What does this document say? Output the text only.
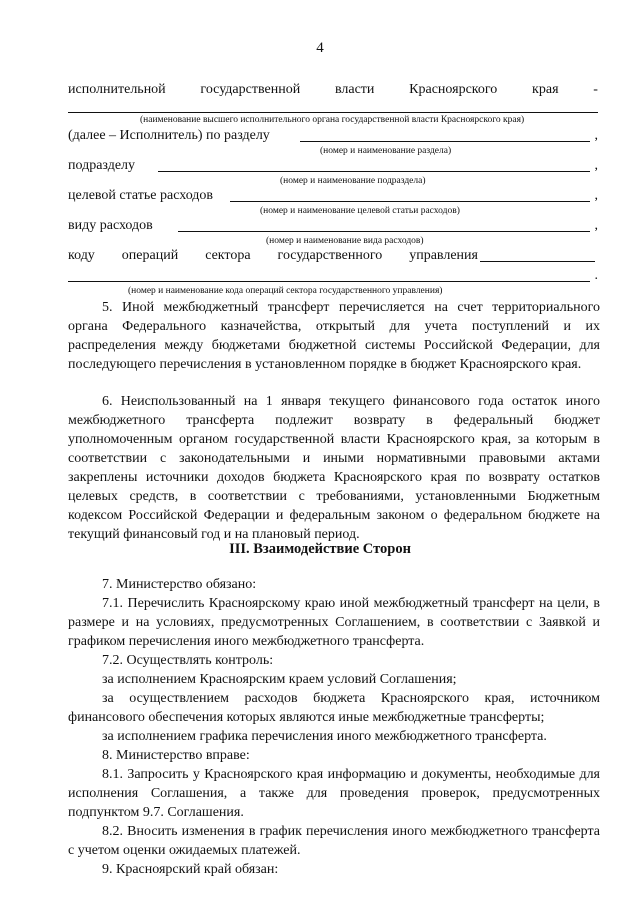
4
исполнительной государственной власти Красноярского края -
(наименование высшего исполнительного органа государственной власти Красноярского края)
(далее – Исполнитель) по разделу	,
(номер и наименование раздела)
подразделу	,
(номер и наименование подраздела)
целевой статье расходов	,
(номер и наименование целевой статьи расходов)
виду расходов	,
(номер и наименование вида расходов)
коду операций сектора государственного управления
.
(номер и наименование кода операций сектора государственного управления)

5. Иной межбюджетный трансферт перечисляется на счет территориального органа Федерального казначейства, открытый для учета поступлений и их распределения между бюджетами бюджетной системы Российской Федерации, для последующего перечисления в установленном порядке в бюджет Красноярского края.

6. Неиспользованный на 1 января текущего финансового года остаток иного межбюджетного трансферта подлежит возврату в федеральный бюджет уполномоченным органом государственной власти Красноярского края, за которым в соответствии с законодательными и иными нормативными правовыми актами закреплены источники доходов бюджета Красноярского края по возврату остатков целевых средств, в соответствии с требованиями, установленными Бюджетным кодексом Российской Федерации и федеральным законом о федеральном бюджете на текущий финансовый год и на плановый период.

III. Взаимодействие Сторон

7. Министерство обязано:

7.1. Перечислить Красноярскому краю иной межбюджетный трансферт на цели, в размере и на условиях, предусмотренных Соглашением, в соответствии с Заявкой и графиком перечисления иного межбюджетного трансферта.

7.2. Осуществлять контроль:

за исполнением Красноярским краем условий Соглашения;

за осуществлением расходов бюджета Красноярского края, источником финансового обеспечения которых являются иные межбюджетные трансферты;

за исполнением графика перечисления иного межбюджетного трансферта.

8. Министерство вправе:

8.1. Запросить у Красноярского края информацию и документы, необходимые для исполнения Соглашения, а также для проведения проверок, предусмотренных подпунктом 9.7. Соглашения.

8.2. Вносить изменения в график перечисления иного межбюджетного трансферта с учетом оценки ожидаемых платежей.

9. Красноярский край обязан:
